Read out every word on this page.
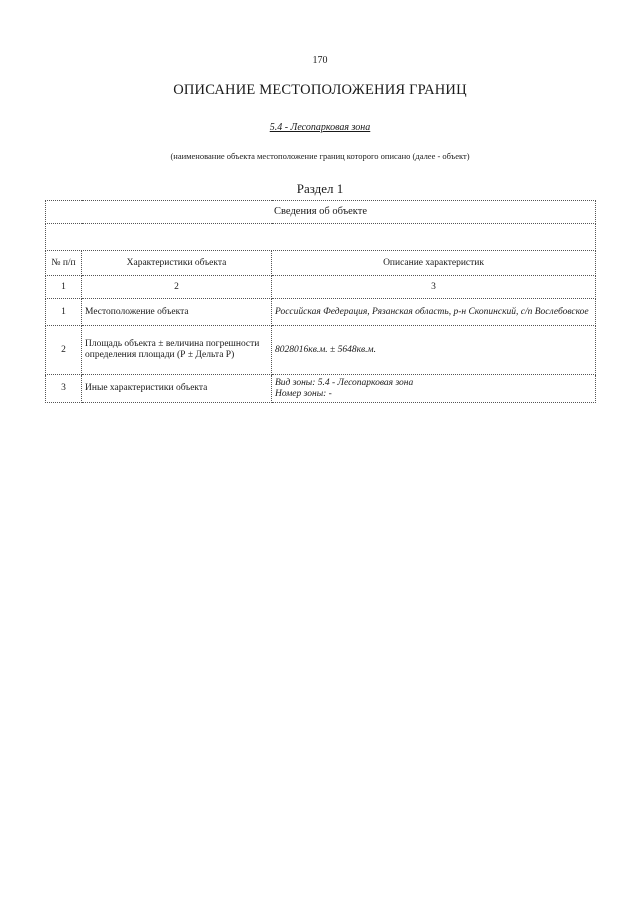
170
ОПИСАНИЕ МЕСТОПОЛОЖЕНИЯ ГРАНИЦ
5.4 - Лесопарковая зона
(наименование объекта местоположение границ которого описано (далее - объект)
Раздел 1
Сведения об объекте		

№ п/п	Характеристики объекта	Описание характеристик
1	2	3
1	Местоположение объекта	Российская Федерация, Рязанская область, р-н Скопинский, с/п Вослебовское
2	Площадь объекта ± величина погрешности определения площади (Р ± Дельта Р)	8028016кв.м. ± 5648кв.м.
3	Иные характеристики объекта	Вид зоны: 5.4 - Лесопарковая зона
Номер зоны: -
